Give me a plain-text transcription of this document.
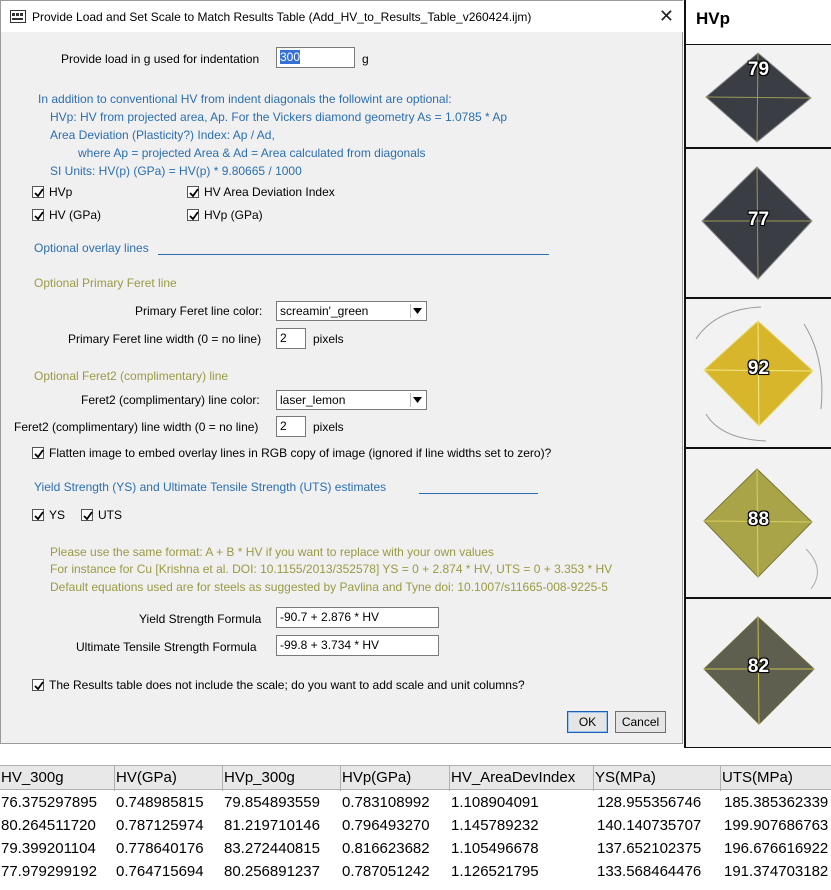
Provide Load and Set Scale to Match Results Table (Add_HV_to_Results_Table_v260424.ijm)	✕
Provide load in g used for indentation	300	g
In addition to conventional HV from indent diagonals the followint are optional:
HVp: HV from projected area, Ap. For the Vickers diamond geometry As = 1.0785 * Ap
Area Deviation (Plasticity?) Index: Ap / Ad,
where Ap = projected Area & Ad = Area calculated from diagonals
SI Units: HV(p) (GPa) = HV(p) * 9.80665 / 1000
HVp	HV Area Deviation Index
HV (GPa)	HVp (GPa)
Optional overlay lines
Optional Primary Feret line
Primary Feret line color:	screamin'_green
Primary Feret line width (0 = no line)	2	pixels
Optional Feret2 (complimentary) line
Feret2 (complimentary) line color:	laser_lemon
Feret2 (complimentary) line width (0 = no line)	2	pixels
Flatten image to embed overlay lines in RGB copy of image (ignored if line widths set to zero)?
Yield Strength (YS) and Ultimate Tensile Strength (UTS) estimates
YS	UTS
Please use the same format: A + B * HV if you want to replace with your own values
For instance for Cu [Krishna et al. DOI: 10.1155/2013/352578] YS = 0 + 2.874 * HV, UTS = 0 + 3.353 * HV
Default equations used are for steels as suggested by Pavlina and Tyne doi: 10.1007/s11665-008-9225-5
Yield Strength Formula	-90.7 + 2.876 * HV
Ultimate Tensile Strength Formula	-99.8 + 3.734 * HV
The Results table does not include the scale; do you want to add scale and unit columns?
OK	Cancel
HVp
79
77
92
88
82
HV_300g	HV(GPa)	HVp_300g	HVp(GPa)	HV_AreaDevIndex	YS(MPa)	UTS(MPa)
76.375297895	0.748985815	79.854893559	0.783108992	1.108904091	128.955356746	185.385362339
80.264511720	0.787125974	81.219710146	0.796493270	1.145789232	140.140735707	199.907686763
79.399201104	0.778640176	83.272440815	0.816623682	1.105496678	137.652102375	196.676616922
77.979299192	0.764715694	80.256891237	0.787051242	1.126521795	133.568464476	191.374703182
